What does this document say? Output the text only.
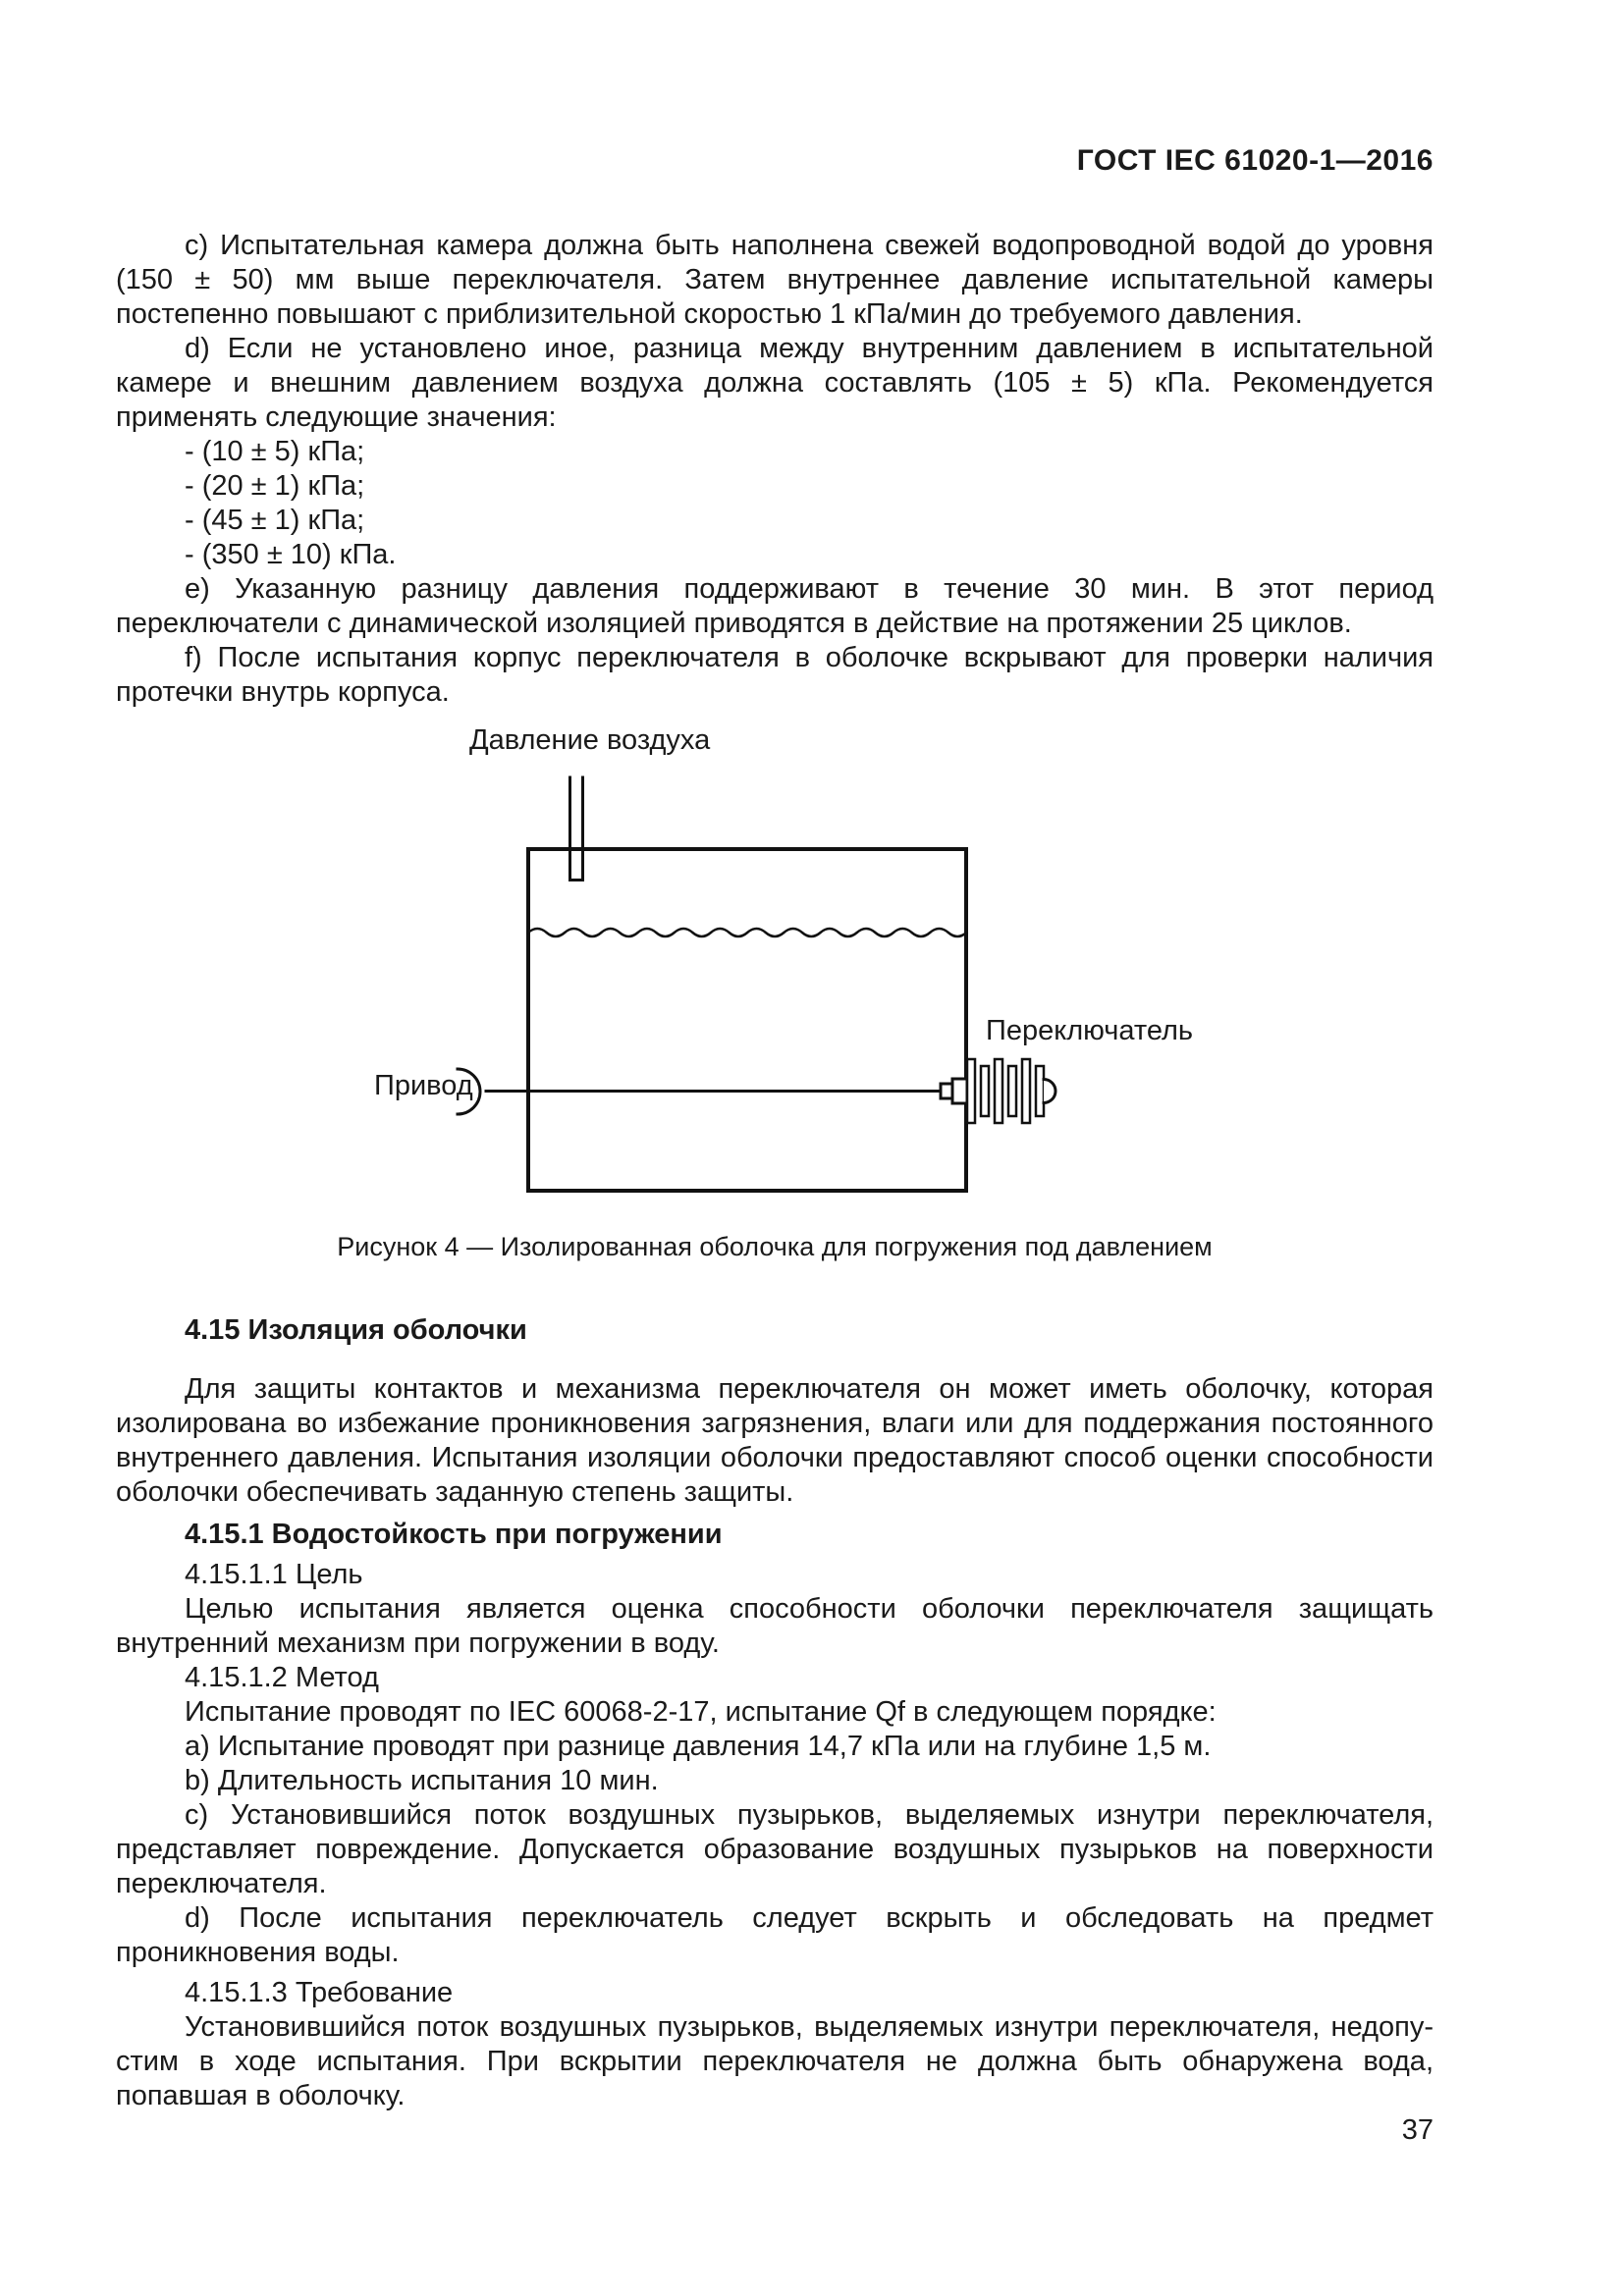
ГОСТ IEC 61020-1—2016

c) Испытательная камера должна быть наполнена свежей водопроводной водой до уровня (150 ± 50) мм выше переключателя. Затем внутреннее давление испытательной камеры постепенно повышают с приблизительной скоростью 1 кПа/мин до требуемого давления.

d) Если не установлено иное, разница между внутренним давлением в испытательной камере и внешним давлением воздуха должна составлять (105 ± 5) кПа. Рекомендуется применять следующие значения:

- (10 ± 5) кПа;

- (20 ± 1) кПа;

- (45 ± 1) кПа;

- (350 ± 10) кПа.

e) Указанную разницу давления поддерживают в течение 30 мин. В этот период переключатели с динамической изоляцией приводятся в действие на протяжении 25 циклов.

f) После испытания корпус переключателя в оболочке вскрывают для проверки наличия протечки внутрь корпуса.

Давление воздуха
Переключатель
Привод
Рисунок 4 — Изолированная оболочка для погружения под давлением

4.15 Изоляция оболочки

Для защиты контактов и механизма переключателя он может иметь оболочку, которая изолирована во избежание проникновения загрязнения, влаги или для поддержания постоянного внутреннего давления. Испытания изоляции оболочки предоставляют способ оценки способности оболочки обеспечивать заданную степень защиты.

4.15.1 Водостойкость при погружении

4.15.1.1 Цель

Целью испытания является оценка способности оболочки переключателя защищать внутренний механизм при погружении в воду.

4.15.1.2 Метод

Испытание проводят по IEC 60068-2-17, испытание Qf в следующем порядке:

a) Испытание проводят при разнице давления 14,7 кПа или на глубине 1,5 м.

b) Длительность испытания 10 мин.

c) Установившийся поток воздушных пузырьков, выделяемых изнутри переключателя, представляет повреждение. Допускается образование воздушных пузырьков на поверхности переключателя.

d) После испытания переключатель следует вскрыть и обследовать на предмет проникновения воды.

4.15.1.3 Требование

Установившийся поток воздушных пузырьков, выделяемых изнутри переключателя, недопустим в ходе испытания. При вскрытии переключателя не должна быть обнаружена вода, попавшая в оболочку.

37
